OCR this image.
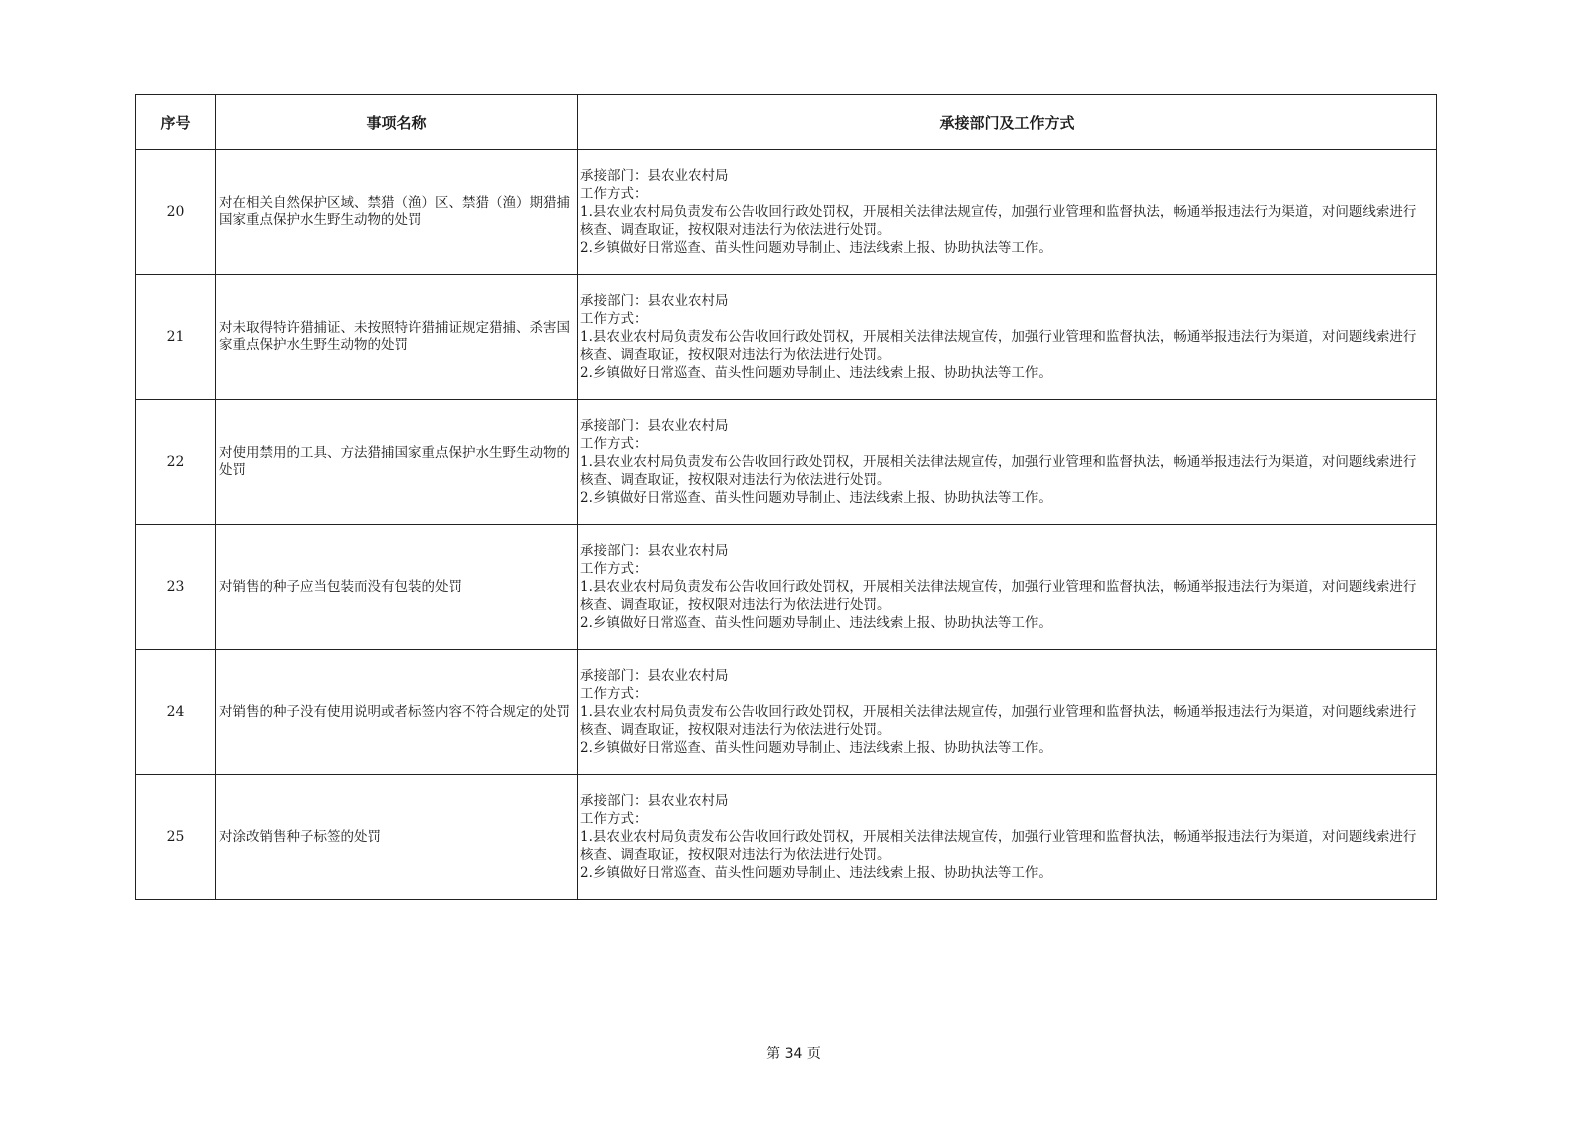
序号	事项名称	承接部门及工作方式
20	对在相关自然保护区域、禁猎（渔）区、禁猎（渔）期猎捕国家重点保护水生野生动物的处罚	承接部门：县农业农村局
工作方式：
1.县农业农村局负责发布公告收回行政处罚权，开展相关法律法规宣传，加强行业管理和监督执法，畅通举报违法行为渠道，对问题线索进行核查、调查取证，按权限对违法行为依法进行处罚。
2.乡镇做好日常巡查、苗头性问题劝导制止、违法线索上报、协助执法等工作。

21	对未取得特许猎捕证、未按照特许猎捕证规定猎捕、杀害国家重点保护水生野生动物的处罚	承接部门：县农业农村局
工作方式：
1.县农业农村局负责发布公告收回行政处罚权，开展相关法律法规宣传，加强行业管理和监督执法，畅通举报违法行为渠道，对问题线索进行核查、调查取证，按权限对违法行为依法进行处罚。
2.乡镇做好日常巡查、苗头性问题劝导制止、违法线索上报、协助执法等工作。

22	对使用禁用的工具、方法猎捕国家重点保护水生野生动物的处罚	承接部门：县农业农村局
工作方式：
1.县农业农村局负责发布公告收回行政处罚权，开展相关法律法规宣传，加强行业管理和监督执法，畅通举报违法行为渠道，对问题线索进行核查、调查取证，按权限对违法行为依法进行处罚。
2.乡镇做好日常巡查、苗头性问题劝导制止、违法线索上报、协助执法等工作。

23	对销售的种子应当包装而没有包装的处罚	承接部门：县农业农村局
工作方式：
1.县农业农村局负责发布公告收回行政处罚权，开展相关法律法规宣传，加强行业管理和监督执法，畅通举报违法行为渠道，对问题线索进行核查、调查取证，按权限对违法行为依法进行处罚。
2.乡镇做好日常巡查、苗头性问题劝导制止、违法线索上报、协助执法等工作。

24	对销售的种子没有使用说明或者标签内容不符合规定的处罚	承接部门：县农业农村局
工作方式：
1.县农业农村局负责发布公告收回行政处罚权，开展相关法律法规宣传，加强行业管理和监督执法，畅通举报违法行为渠道，对问题线索进行核查、调查取证，按权限对违法行为依法进行处罚。
2.乡镇做好日常巡查、苗头性问题劝导制止、违法线索上报、协助执法等工作。

25	对涂改销售种子标签的处罚	承接部门：县农业农村局
工作方式：
1.县农业农村局负责发布公告收回行政处罚权，开展相关法律法规宣传，加强行业管理和监督执法，畅通举报违法行为渠道，对问题线索进行核查、调查取证，按权限对违法行为依法进行处罚。
2.乡镇做好日常巡查、苗头性问题劝导制止、违法线索上报、协助执法等工作。
第 34 页
